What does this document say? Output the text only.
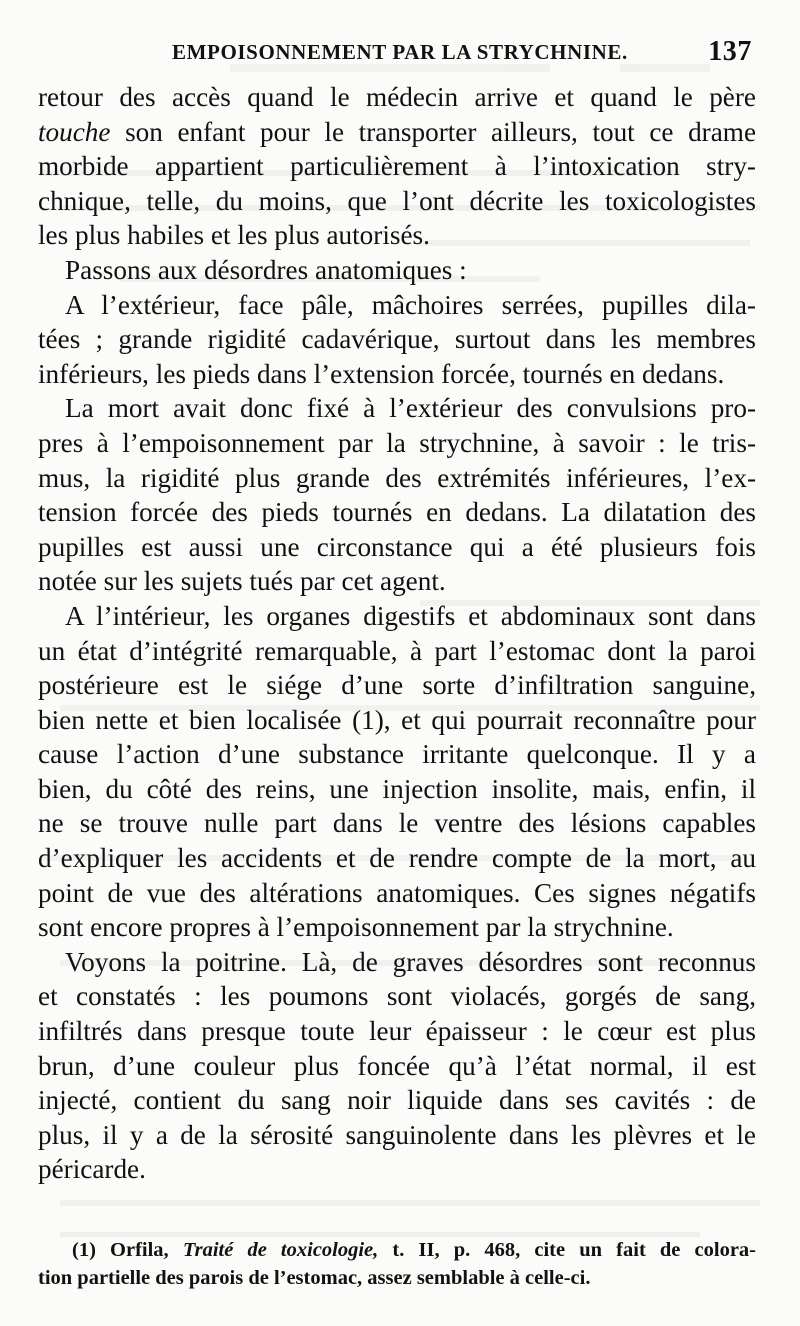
EMPOISONNEMENT PAR LA STRYCHNINE.	137

retour des accès quand le médecin arrive et quand le père

touche son enfant pour le transporter ailleurs, tout ce drame

morbide appartient particulièrement à l’intoxication stry-

chnique, telle, du moins, que l’ont décrite les toxicologistes

les plus habiles et les plus autorisés.

Passons aux désordres anatomiques :

A l’extérieur, face pâle, mâchoires serrées, pupilles dila-

tées ; grande rigidité cadavérique, surtout dans les membres

inférieurs, les pieds dans l’extension forcée, tournés en dedans.

La mort avait donc fixé à l’extérieur des convulsions pro-

pres à l’empoisonnement par la strychnine, à savoir : le tris-

mus, la rigidité plus grande des extrémités inférieures, l’ex-

tension forcée des pieds tournés en dedans. La dilatation des

pupilles est aussi une circonstance qui a été plusieurs fois

notée sur les sujets tués par cet agent.

A l’intérieur, les organes digestifs et abdominaux sont dans

un état d’intégrité remarquable, à part l’estomac dont la paroi

postérieure est le siége d’une sorte d’infiltration sanguine,

bien nette et bien localisée (1), et qui pourrait reconnaître pour

cause l’action d’une substance irritante quelconque. Il y a

bien, du côté des reins, une injection insolite, mais, enfin, il

ne se trouve nulle part dans le ventre des lésions capables

d’expliquer les accidents et de rendre compte de la mort, au

point de vue des altérations anatomiques. Ces signes négatifs

sont encore propres à l’empoisonnement par la strychnine.

Voyons la poitrine. Là, de graves désordres sont reconnus

et constatés : les poumons sont violacés, gorgés de sang,

infiltrés dans presque toute leur épaisseur : le cœur est plus

brun, d’une couleur plus foncée qu’à l’état normal, il est

injecté, contient du sang noir liquide dans ses cavités : de

plus, il y a de la sérosité sanguinolente dans les plèvres et le

péricarde.

(1) Orfila, Traité de toxicologie, t. II, p. 468, cite un fait de colora-

tion partielle des parois de l’estomac, assez semblable à celle-ci.
